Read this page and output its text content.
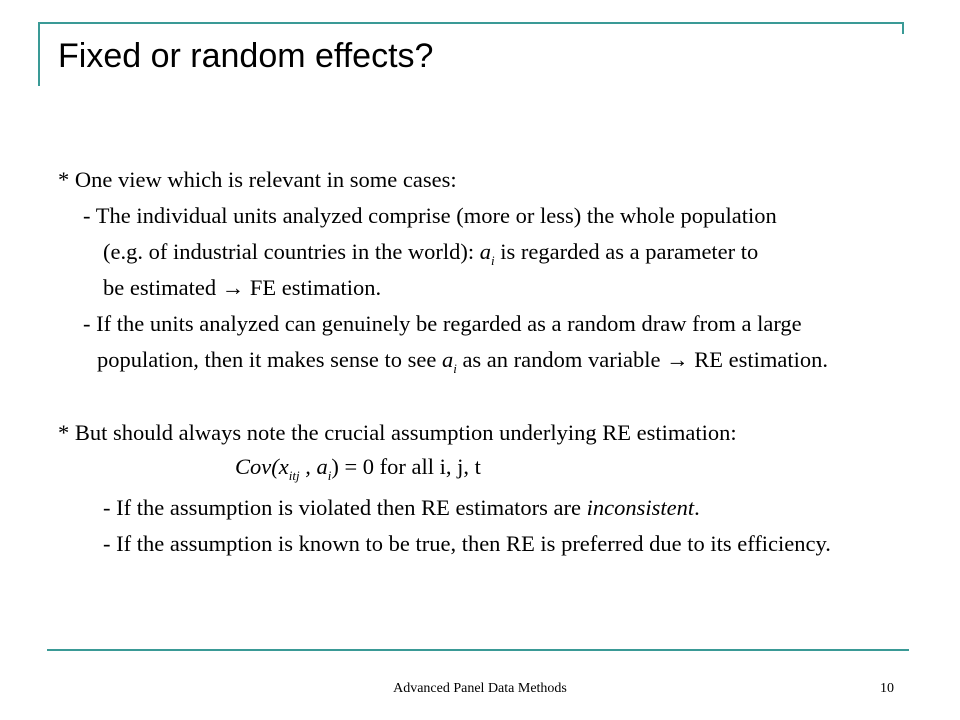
Fixed or random effects?
* One view which is relevant in some cases:
- The individual units analyzed comprise (more or less) the whole population
(e.g. of industrial countries in the world): $a_i$ is regarded as a parameter to
be estimated → FE estimation.
- If the units analyzed can genuinely be regarded as a random draw from a large
population, then it makes sense to see $a_i$ as an random variable → RE estimation.
* But should always note the crucial assumption underlying RE estimation:
$Cov(x_{itj}$ , $a_i) = 0$ for all i, j, t
- If the assumption is violated then RE estimators are inconsistent.
- If the assumption is known to be true, then RE is preferred due to its efficiency.
Advanced Panel Data Methods	10
